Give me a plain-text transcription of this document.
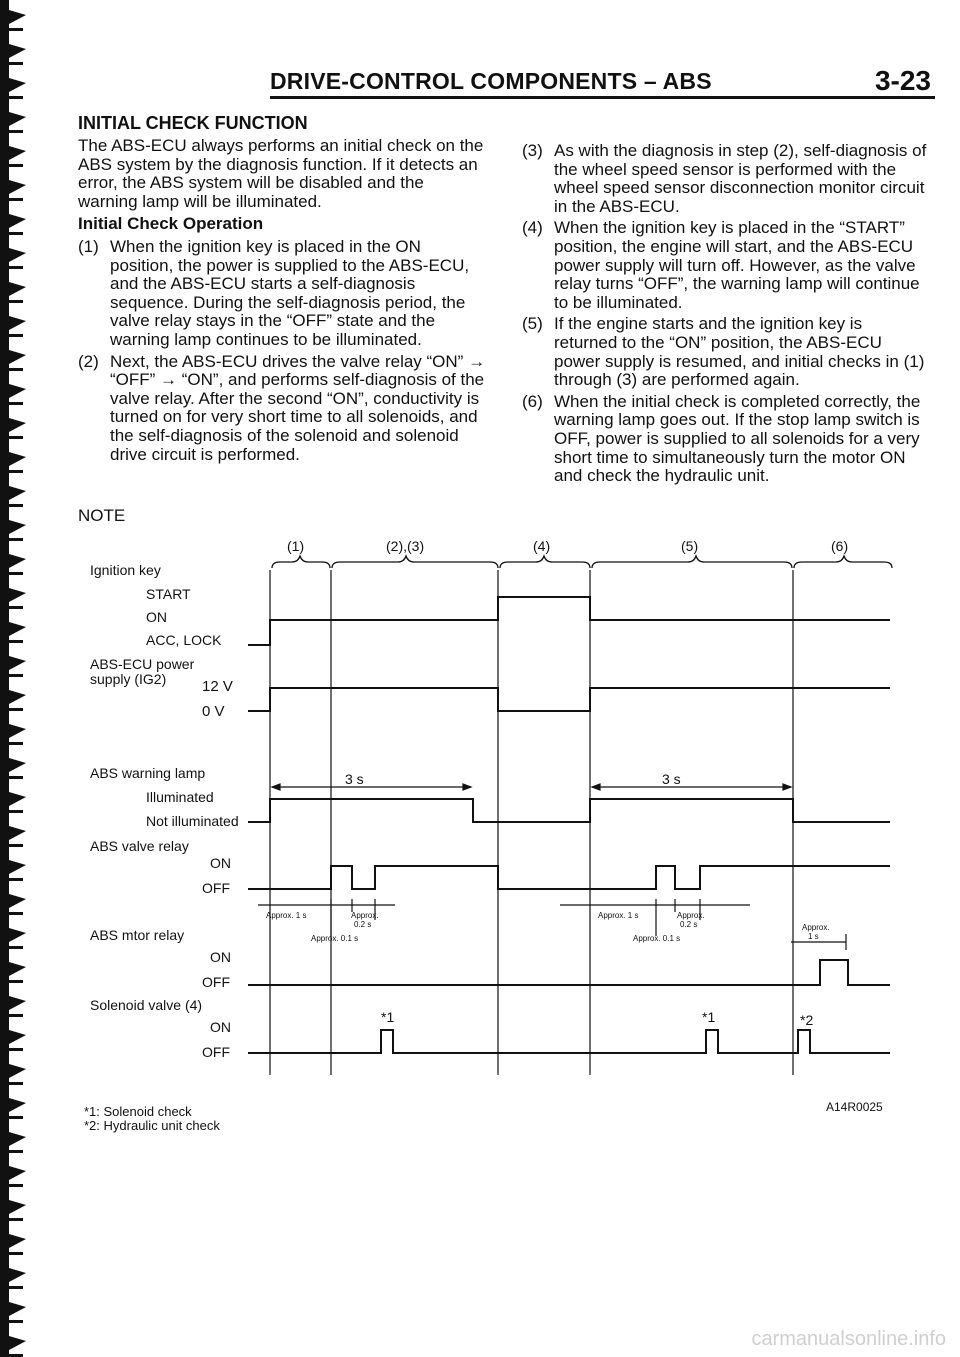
DRIVE-CONTROL COMPONENTS – ABS	3-23
INITIAL CHECK FUNCTION

The ABS-ECU always performs an initial check on the ABS system by the diagnosis function. If it detects an error, the ABS system will be disabled and the warning lamp will be illuminated.

Initial Check Operation

(1) When the ignition key is placed in the ON position, the power is supplied to the ABS-ECU, and the ABS-ECU starts a self-diagnosis sequence. During the self-diagnosis period, the valve relay stays in the “OFF” state and the warning lamp continues to be illuminated.
(2) Next, the ABS-ECU drives the valve relay “ON” → “OFF” → “ON”, and performs self-diagnosis of the valve relay. After the second “ON”, conductivity is turned on for very short time to all solenoids, and the self-diagnosis of the solenoid and solenoid drive circuit is performed.
(3) As with the diagnosis in step (2), self-diagnosis of the wheel speed sensor is performed with the wheel speed sensor disconnection monitor circuit in the ABS-ECU.
(4) When the ignition key is placed in the “START” position, the engine will start, and the ABS-ECU power supply will turn off. However, as the valve relay turns “OFF”, the warning lamp will continue to be illuminated.
(5) If the engine starts and the ignition key is returned to the “ON” position, the ABS-ECU power supply is resumed, and initial checks in (1) through (3) are performed again.
(6) When the initial check is completed correctly, the warning lamp goes out. If the stop lamp switch is OFF, power is supplied to all solenoids for a very short time to simultaneously turn the motor ON and check the hydraulic unit.
NOTE
(1)	(2),(3)	(4)	(5)	(6)
Ignition key
START
ON
ACC, LOCK
ABS-ECU power
supply (IG2) 12 V
0 V
ABS warning lamp
Illuminated
Not illuminated
ABS valve relay
ON
OFF
ABS mtor relay
ON
OFF
Solenoid valve (4)
ON
OFF
3 s	3 s
Approx. 1 s	Approx.
0.2 s
Approx. 0.1 s
Approx. 1 s	Approx.
0.2 s
Approx. 0.1 s
Approx.
1 s
*1	*1	*2
*1: Solenoid check
*2: Hydraulic unit check
A14R0025
carmanualsonline.info
